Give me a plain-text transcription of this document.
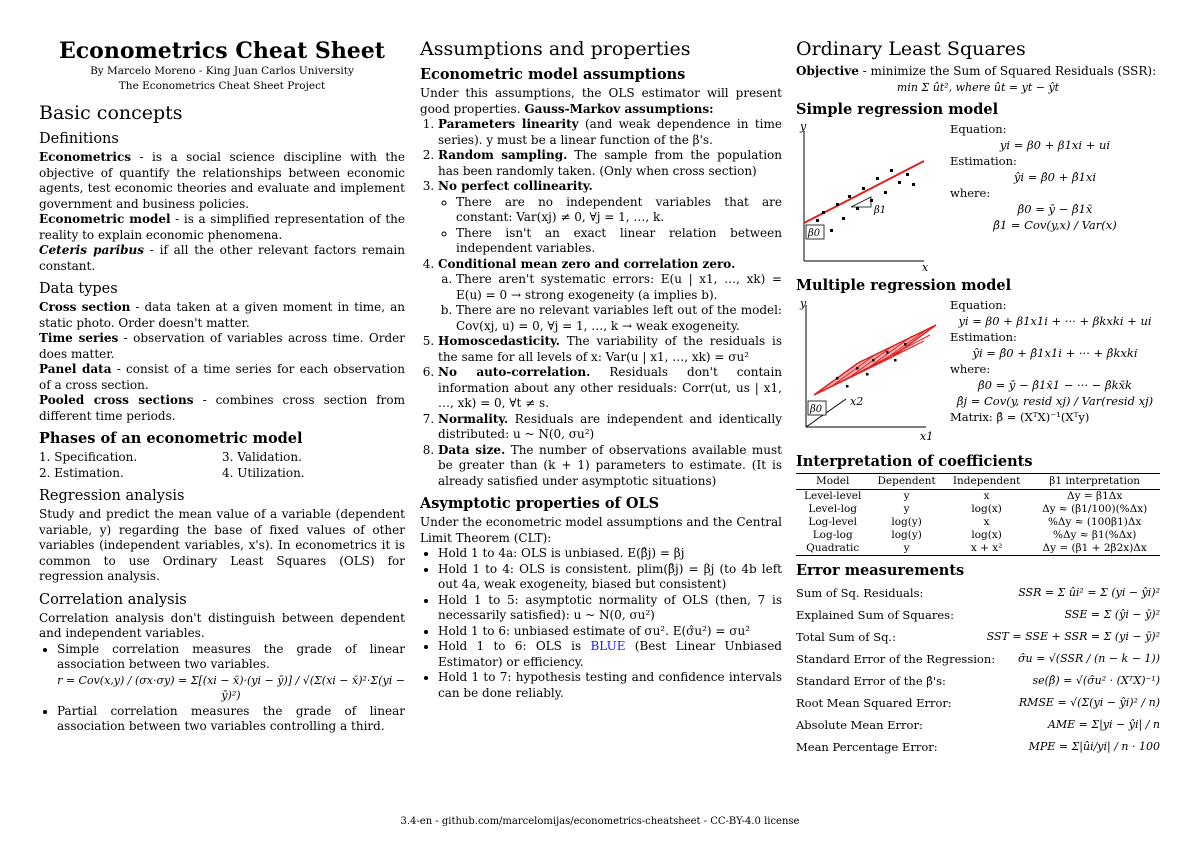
Econometrics Cheat Sheet
By Marcelo Moreno - King Juan Carlos University
The Econometrics Cheat Sheet Project
Basic concepts
Definitions

Econometrics - is a social science discipline with the objective of quantify the relationships between economic agents, test economic theories and evaluate and implement government and business policies.

Econometric model - is a simplified representation of the reality to explain economic phenomena.

Ceteris paribus - if all the other relevant factors remain constant.

Data types

Cross section - data taken at a given moment in time, an static photo. Order doesn't matter.

Time series - observation of variables across time. Order does matter.

Panel data - consist of a time series for each observation of a cross section.

Pooled cross sections - combines cross section from different time periods.

Phases of an econometric model
1. Specification.	3. Validation.
2. Estimation.	4. Utilization.
Regression analysis

Study and predict the mean value of a variable (dependent variable, y) regarding the base of fixed values of other variables (independent variables, x's). In econometrics it is common to use Ordinary Least Squares (OLS) for regression analysis.

Correlation analysis

Correlation analysis don't distinguish between dependent and independent variables.

• Simple correlation measures the grade of linear association between two variables.
r = Cov(x,y) / (σx·σy) = Σ[(xi − x̄)·(yi − ȳ)] / √(Σ(xi − x̄)²·Σ(yi − ȳ)²)
• Partial correlation measures the grade of linear association between two variables controlling a third.
Assumptions and properties
Econometric model assumptions

Under this assumptions, the OLS estimator will present good properties. Gauss-Markov assumptions:

1. Parameters linearity (and weak dependence in time series). y must be a linear function of the β's.
2. Random sampling. The sample from the population has been randomly taken. (Only when cross section)
3. No perfect collinearity.
◦ There are no independent variables that are constant: Var(xj) ≠ 0, ∀j = 1, …, k.
◦ There isn't an exact linear relation between independent variables.
4. Conditional mean zero and correlation zero.
a. There aren't systematic errors: E(u | x1, …, xk) = E(u) = 0 → strong exogeneity (a implies b).
b. There are no relevant variables left out of the model: Cov(xj, u) = 0, ∀j = 1, …, k → weak exogeneity.
5. Homoscedasticity. The variability of the residuals is the same for all levels of x: Var(u | x1, …, xk) = σu²
6. No auto-correlation. Residuals don't contain information about any other residuals: Corr(ut, us | x1, …, xk) = 0, ∀t ≠ s.
7. Normality. Residuals are independent and identically distributed: u ~ N(0, σu²)
8. Data size. The number of observations available must be greater than (k + 1) parameters to estimate. (It is already satisfied under asymptotic situations)
Asymptotic properties of OLS

Under the econometric model assumptions and the Central Limit Theorem (CLT):

• Hold 1 to 4a: OLS is unbiased. E(β̂j) = βj
• Hold 1 to 4: OLS is consistent. plim(β̂j) = βj (to 4b left out 4a, weak exogeneity, biased but consistent)
• Hold 1 to 5: asymptotic normality of OLS (then, 7 is necessarily satisfied): u ~ N(0, σu²)
• Hold 1 to 6: unbiased estimate of σu². E(σ̂u²) = σu²
• Hold 1 to 6: OLS is BLUE (Best Linear Unbiased Estimator) or efficiency.
• Hold 1 to 7: hypothesis testing and confidence intervals can be done reliably.
Ordinary Least Squares

Objective - minimize the Sum of Squared Residuals (SSR):

min Σ ût², where ût = yt − ŷt
Simple regression model
y
x
β1
β0
Equation:
yi = β0 + β1xi + ui
Estimation:
ŷi = β̂0 + β̂1xi
where:
β̂0 = ȳ − β̂1x̄
β̂1 = Cov(y,x) / Var(x)
Multiple regression model
y
x1
x2
β0
Equation:
yi = β0 + β1x1i + ··· + βkxki + ui
Estimation:
ŷi = β̂0 + β̂1x1i + ··· + β̂kxki
where:
β̂0 = ȳ − β̂1x̄1 − ··· − β̂kx̄k
β̂j = Cov(y, resid xj) / Var(resid xj)
Matrix: β̂ = (XᵀX)⁻¹(Xᵀy)
Interpretation of coefficients
Model	Dependent	Independent	β1 interpretation
Level-level	y	x	Δy = β1Δx
Level-log	y	log(x)	Δy ≈ (β1/100)(%Δx)
Log-level	log(y)	x	%Δy ≈ (100β1)Δx
Log-log	log(y)	log(x)	%Δy ≈ β1(%Δx)
Quadratic	y	x + x²	Δy = (β1 + 2β2x)Δx
Error measurements
Sum of Sq. Residuals:	SSR = Σ ûi² = Σ (yi − ŷi)²
Explained Sum of Squares:	SSE = Σ (ŷi − ȳ)²
Total Sum of Sq.:	SST = SSE + SSR = Σ (yi − ȳ)²
Standard Error of the Regression: σ̂u = √(SSR / (n − k − 1))
Standard Error of the β̂'s:	se(β̂) = √(σ̂u² · (XᵀX)⁻¹)
Root Mean Squared Error:	RMSE = √(Σ(yi − ŷi)² / n)
Absolute Mean Error:	AME = Σ|yi − ŷi| / n
Mean Percentage Error:	MPE = Σ|ûi/yi| / n · 100
3.4-en - github.com/marcelomijas/econometrics-cheatsheet - CC-BY-4.0 license
